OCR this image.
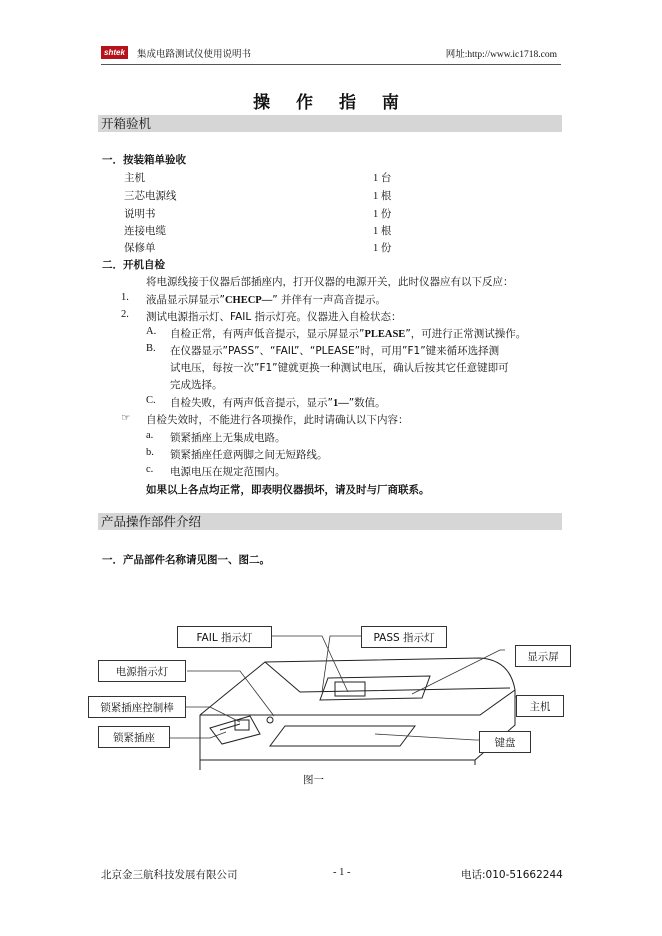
shtek	集成电路测试仪使用说明书	网址:http://www.ic1718.com
操 作 指 南
开箱验机
一．按装箱单验收
主机	1 台
三芯电源线	1 根
说明书	1 份
连接电缆	1 根
保修单	1 份
二．开机自检
将电源线接于仪器后部插座内，打开仪器的电源开关，此时仪器应有以下反应：
1. 液晶显示屏显示”CHECP—” 并伴有一声高音提示。
2. 测试电源指示灯、FAIL 指示灯亮。仪器进入自检状态：
A. 自检正常，有两声低音提示，显示屏显示”PLEASE”，可进行正常测试操作。
B. 在仪器显示”PASS”、“FAIL”、“PLEASE”时，可用”F1”键来循环选择测
试电压，每按一次”F1”键就更换一种测试电压，确认后按其它任意键即可
完成选择。
C. 自检失败，有两声低音提示，显示”1—”数值。
☞ 自检失效时，不能进行各项操作，此时请确认以下内容：
a. 锁紧插座上无集成电路。
b. 锁紧插座任意两脚之间无短路线。
c. 电源电压在规定范围内。
如果以上各点均正常，即表明仪器损坏，请及时与厂商联系。
产品操作部件介绍
一．产品部件名称请见图一、图二。
FAIL 指示灯	PASS 指示灯
显示屏
电源指示灯
主机
锁紧插座控制棒
锁紧插座	键盘
图一
北京金三航科技发展有限公司	- 1 -	电话:010-51662244
